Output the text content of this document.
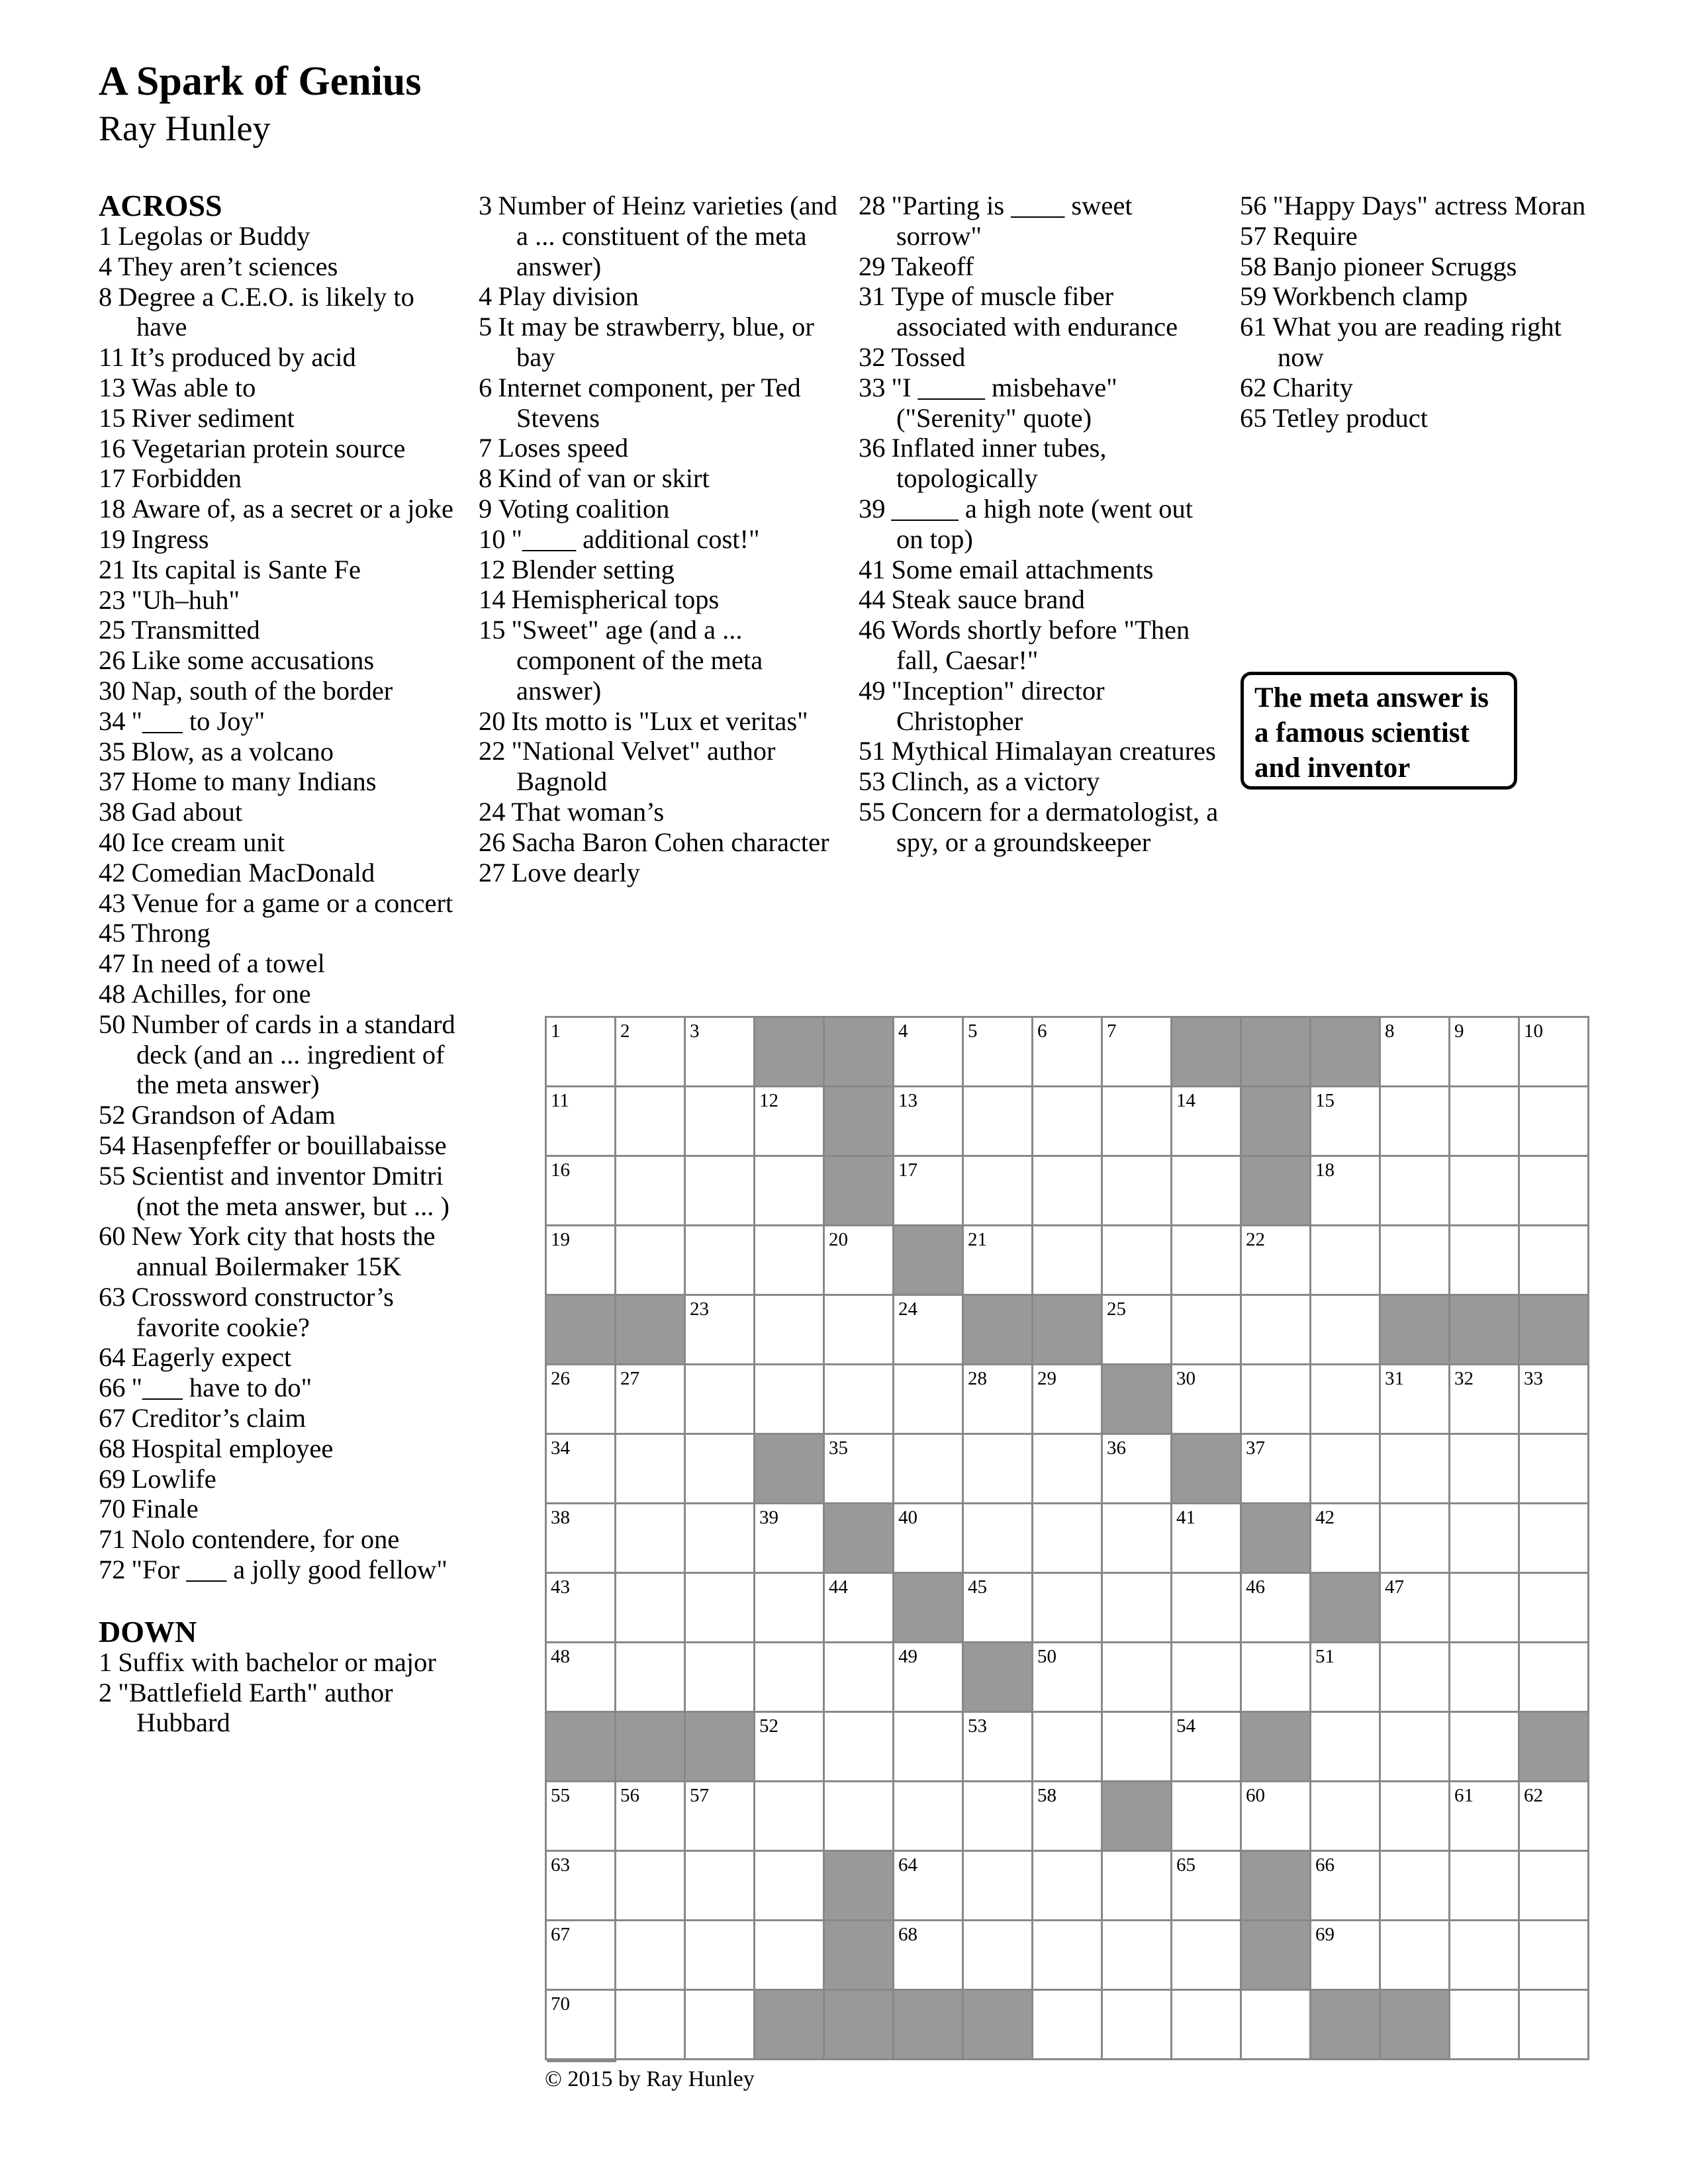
A Spark of Genius
Ray Hunley
ACROSS
1 Legolas or Buddy
4 They aren’t sciences
8 Degree a C.E.O. is likely to have
11 It’s produced by acid
13 Was able to
15 River sediment
16 Vegetarian protein source
17 Forbidden
18 Aware of, as a secret or a joke
19 Ingress
21 Its capital is Sante Fe
23 "Uh–huh"
25 Transmitted
26 Like some accusations
30 Nap, south of the border
34 "___ to Joy"
35 Blow, as a volcano
37 Home to many Indians
38 Gad about
40 Ice cream unit
42 Comedian MacDonald
43 Venue for a game or a concert
45 Throng
47 In need of a towel
48 Achilles, for one
50 Number of cards in a standard deck (and an ... ingredient of the meta answer)
52 Grandson of Adam
54 Hasenpfeffer or bouillabaisse
55 Scientist and inventor Dmitri (not the meta answer, but ... )
60 New York city that hosts the annual Boilermaker 15K
63 Crossword constructor’s favorite cookie?
64 Eagerly expect
66 "___ have to do"
67 Creditor’s claim
68 Hospital employee
69 Lowlife
70 Finale
71 Nolo contendere, for one
72 "For ___ a jolly good fellow"
DOWN
1 Suffix with bachelor or major
2 "Battlefield Earth" author Hubbard
3 Number of Heinz varieties (and a ... constituent of the meta answer)
4 Play division
5 It may be strawberry, blue, or bay
6 Internet component, per Ted Stevens
7 Loses speed
8 Kind of van or skirt
9 Voting coalition
10 "____ additional cost!"
12 Blender setting
14 Hemispherical tops
15 "Sweet" age (and a ... component of the meta answer)
20 Its motto is "Lux et veritas"
22 "National Velvet" author Bagnold
24 That woman’s
26 Sacha Baron Cohen character
27 Love dearly
28 "Parting is ____ sweet sorrow"
29 Takeoff
31 Type of muscle fiber associated with endurance
32 Tossed
33 "I _____ misbehave" ("Serenity" quote)
36 Inflated inner tubes, topologically
39 _____ a high note (went out on top)
41 Some email attachments
44 Steak sauce brand
46 Words shortly before "Then fall, Caesar!"
49 "Inception" director Christopher
51 Mythical Himalayan creatures
53 Clinch, as a victory
55 Concern for a dermatologist, a spy, or a groundskeeper
56 "Happy Days" actress Moran
57 Require
58 Banjo pioneer Scruggs
59 Workbench clamp
61 What you are reading right now
62 Charity
65 Tetley product
The meta answer is a famous scientist and inventor
1	2	3	4	5	6	7	8	9	10
11	12	13	14	15
16	17	18
19	20	21	22
23	24	25
26	27	28	29	30	31	32	33
34	35	36	37
38	39	40	41	42
43	44	45	46	47
48	49	50	51
52	53	54
55	56	57	58	60	61	62
63	64	65	66
67	68	69
70
© 2015 by Ray Hunley
